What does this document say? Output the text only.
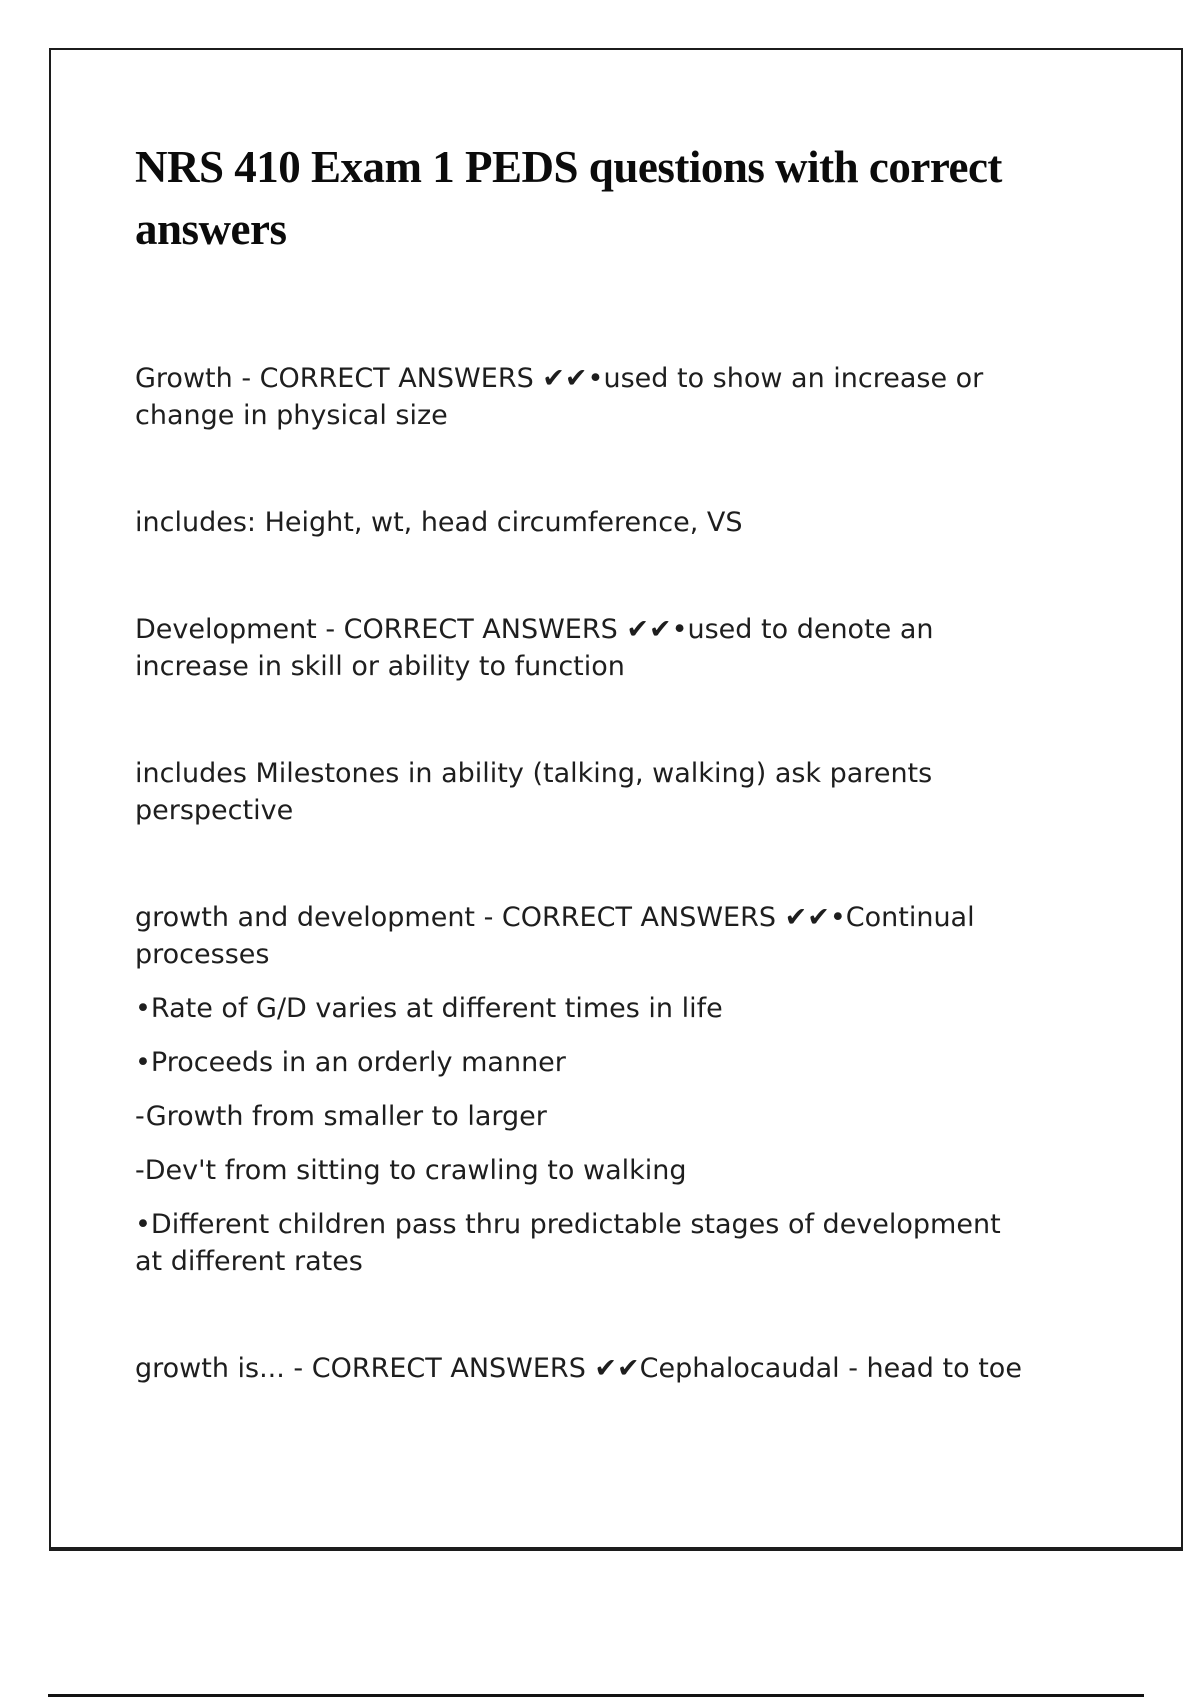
NRS 410 Exam 1 PEDS questions with correct answers
Growth - CORRECT ANSWERS ✔✔•used to show an increase or
change in physical size
includes: Height, wt, head circumference, VS
Development - CORRECT ANSWERS ✔✔•used to denote an
increase in skill or ability to function
includes Milestones in ability (talking, walking) ask parents
perspective
growth and development - CORRECT ANSWERS ✔✔•Continual
processes
•Rate of G/D varies at different times in life
•Proceeds in an orderly manner
-Growth from smaller to larger
-Dev't from sitting to crawling to walking
•Different children pass thru predictable stages of development
at different rates
growth is... - CORRECT ANSWERS ✔✔Cephalocaudal - head to toe
